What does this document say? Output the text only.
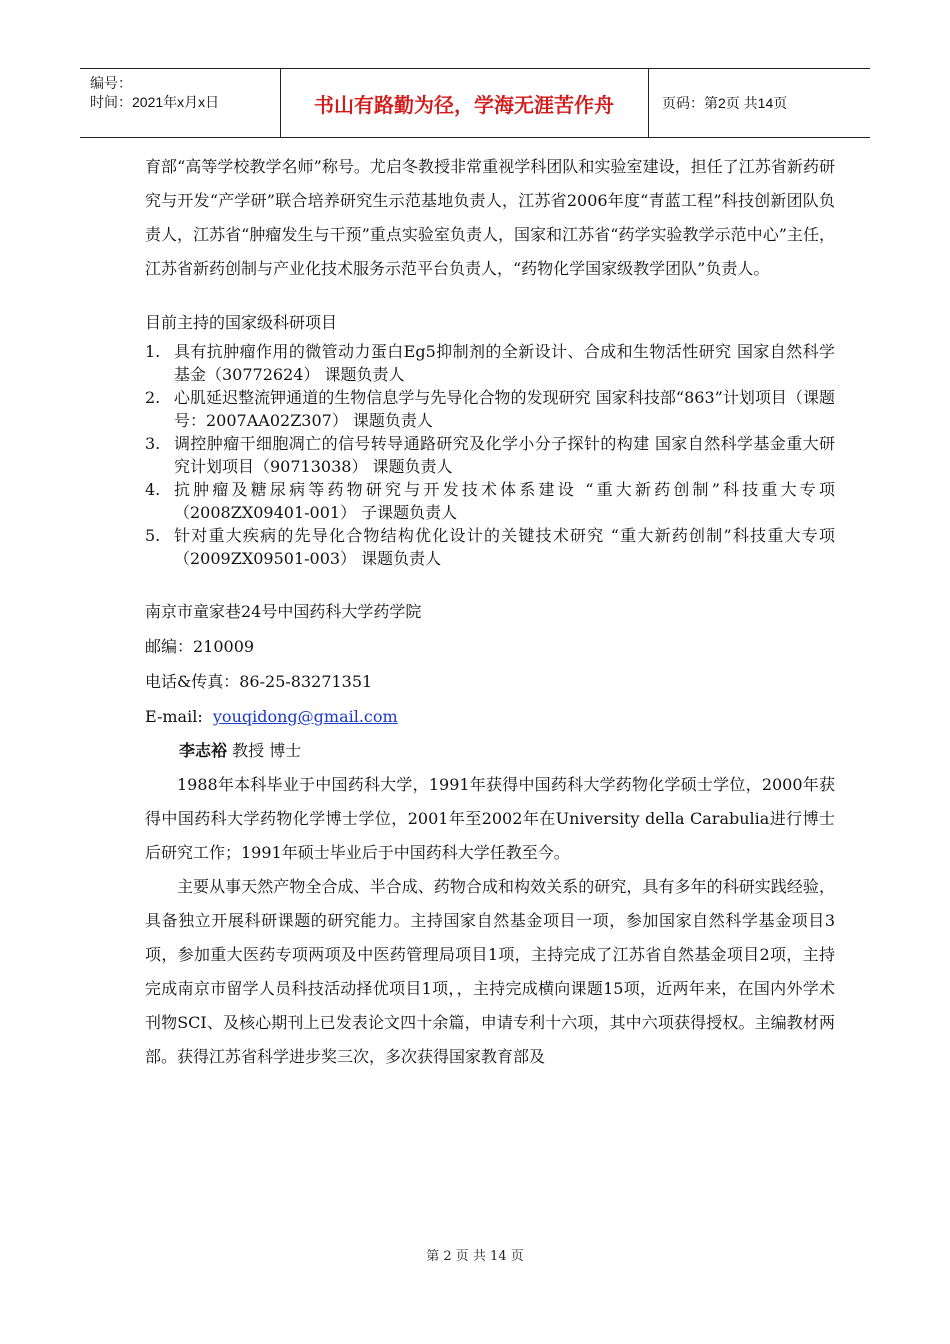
编号：
时间：2021年x月x日	书山有路勤为径，学海无涯苦作舟	页码：第2页 共14页

育部“高等学校教学名师”称号。尤启冬教授非常重视学科团队和实验室建设，担任了江苏省新药研究与开发“产学研”联合培养研究生示范基地负责人，江苏省2006年度“青蓝工程”科技创新团队负责人，江苏省“肿瘤发生与干预”重点实验室负责人，国家和江苏省“药学实验教学示范中心”主任，江苏省新药创制与产业化技术服务示范平台负责人，“药物化学国家级教学团队”负责人。

目前主持的国家级科研项目

1. 具有抗肿瘤作用的微管动力蛋白Eg5抑制剂的全新设计、合成和生物活性研究 国家自然科学基金（30772624） 课题负责人
2. 心肌延迟整流钾通道的生物信息学与先导化合物的发现研究 国家科技部“863”计划项目（课题号：2007AA02Z307） 课题负责人
3. 调控肿瘤干细胞凋亡的信号转导通路研究及化学小分子探针的构建 国家自然科学基金重大研究计划项目（90713038） 课题负责人
4. 抗肿瘤及糖尿病等药物研究与开发技术体系建设 “重大新药创制”科技重大专项（2008ZX09401-001） 子课题负责人
5. 针对重大疾病的先导化合物结构优化设计的关键技术研究 “重大新药创制”科技重大专项（2009ZX09501-003） 课题负责人

南京市童家巷24号中国药科大学药学院

邮编：210009

电话&传真：86-25-83271351

E-mail: youqidong@gmail.com

李志裕 教授 博士

1988年本科毕业于中国药科大学，1991年获得中国药科大学药物化学硕士学位，2000年获得中国药科大学药物化学博士学位，2001年至2002年在University della Carabulia进行博士后研究工作；1991年硕士毕业后于中国药科大学任教至今。

主要从事天然产物全合成、半合成、药物合成和构效关系的研究，具有多年的科研实践经验，具备独立开展科研课题的研究能力。主持国家自然基金项目一项，参加国家自然科学基金项目3项，参加重大医药专项两项及中医药管理局项目1项，主持完成了江苏省自然基金项目2项，主持完成南京市留学人员科技活动择优项目1项，，主持完成横向课题15项，近两年来，在国内外学术刊物SCI、及核心期刊上已发表论文四十余篇，申请专利十六项，其中六项获得授权。主编教材两部。获得江苏省科学进步奖三次，多次获得国家教育部及

第 2 页 共 14 页
